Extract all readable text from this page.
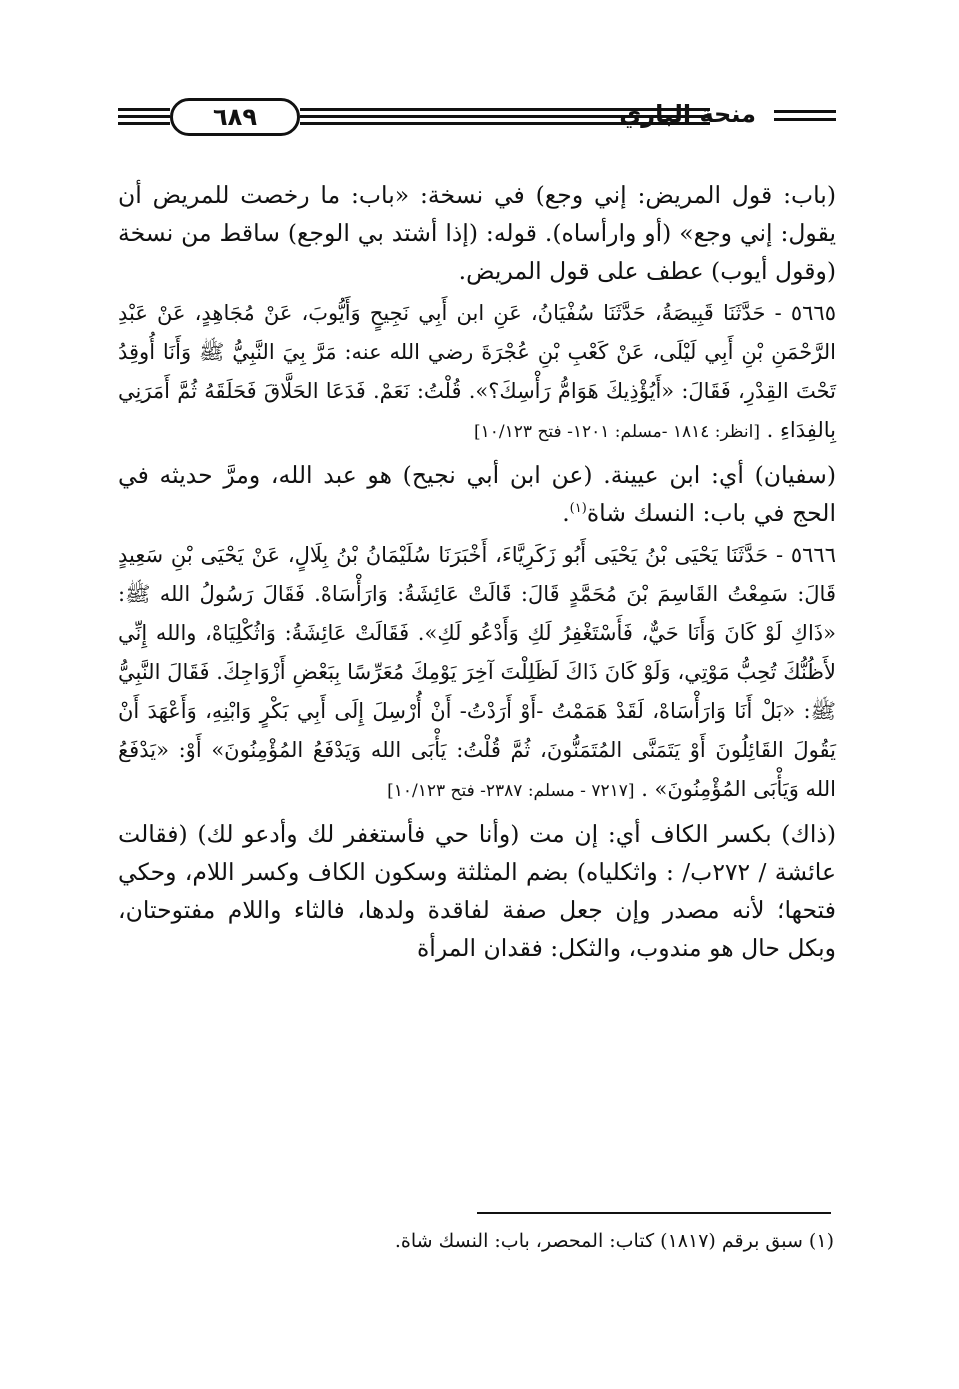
٦٨٩	منحة الباري

(باب: قول المريض: إني وجع) في نسخة: «باب: ما رخصت للمريض أن يقول: إني وجع» (أو وارأساه). قوله: (إذا أشتد بي الوجع) ساقط من نسخة (وقول أيوب) عطف على قول المريض.

٥٦٦٥ - حَدَّثَنَا قَبِيصَةُ، حَدَّثَنَا سُفْيَانُ، عَنِ ابن أَبِي نَجِيحٍ وَأَيُّوبَ، عَنْ مُجَاهِدٍ، عَنْ عَبْدِ الرَّحْمَنِ بْنِ أَبِي لَيْلَى، عَنْ كَعْبِ بْنِ عُجْرَةَ رضي الله عنه: مَرَّ بِيَ النَّبِيُّ ﷺ وَأَنَا أُوقِدُ تَحْتَ القِدْرِ، فَقَالَ: «أَيُؤْذِيكَ هَوَامُّ رَأْسِكَ؟». قُلْتُ: نَعَمْ. فَدَعَا الحَلَّاقَ فَحَلَقَهُ ثُمَّ أَمَرَنِي بِالفِدَاءِ . [انظر: ١٨١٤ -مسلم: ١٢٠١- فتح ١٠/١٢٣]

(سفيان) أي: ابن عيينة. (عن ابن أبي نجيح) هو عبد الله، ومرَّ حديثه في الحج في باب: النسك شاة$^{(١)}$.

٥٦٦٦ - حَدَّثَنَا يَحْيَى بْنُ يَحْيَى أَبُو زَكَرِيَّاءَ، أَخْبَرَنَا سُلَيْمَانُ بْنُ بِلَالٍ، عَنْ يَحْيَى بْنِ سَعِيدٍ قَالَ: سَمِعْتُ القَاسِمَ بْنَ مُحَمَّدٍ قَالَ: قَالَتْ عَائِشَةُ: وَارَأْسَاهْ. فَقَالَ رَسُولُ الله ﷺ: «ذَاكِ لَوْ كَانَ وَأَنَا حَيٌّ، فَأَسْتَغْفِرُ لَكِ وَأَدْعُو لَكِ». فَقَالَتْ عَائِشَةُ: وَاثُكْلِيَاهْ، والله إِنِّي لأَظُنُّكَ تُحِبُّ مَوْتِي، وَلَوْ كَانَ ذَاكَ لَظَلِلْتَ آخِرَ يَوْمِكَ مُعَرِّسًا بِبَعْضِ أَزْوَاجِكَ. فَقَالَ النَّبِيُّ ﷺ: «بَلْ أَنَا وَارَأْسَاهْ، لَقَدْ هَمَمْتُ -أَوْ أَرَدْتُ- أَنْ أُرْسِلَ إِلَى أَبِي بَكْرٍ وَابْنِهِ، وَأَعْهَدَ أَنْ يَقُولَ القَائِلُونَ أَوْ يَتَمَنَّى المُتَمَنُّونَ، ثُمَّ قُلْتُ: يَأْبَى الله وَيَدْفَعُ المُؤْمِنُونَ» أَوْ: «يَدْفَعُ الله وَيَأْبَى المُؤْمِنُونَ» . [٧٢١٧ - مسلم: ٢٣٨٧- فتح ١٠/١٢٣]

(ذاك) بكسر الكاف أي: إن مت (وأنا حي فأستغفر لك وأدعو لك) (فقالت عائشة / ٢٧٢ب/ : واثكلياه) بضم المثلثة وسكون الكاف وكسر اللام، وحكي فتحها؛ لأنه مصدر وإن جعل صفة لفاقدة ولدها، فالثاء واللام مفتوحتان، وبكل حال هو مندوب، والثكل: فقدان المرأة

(١) سبق برقم (١٨١٧) كتاب: المحصر، باب: النسك شاة.
